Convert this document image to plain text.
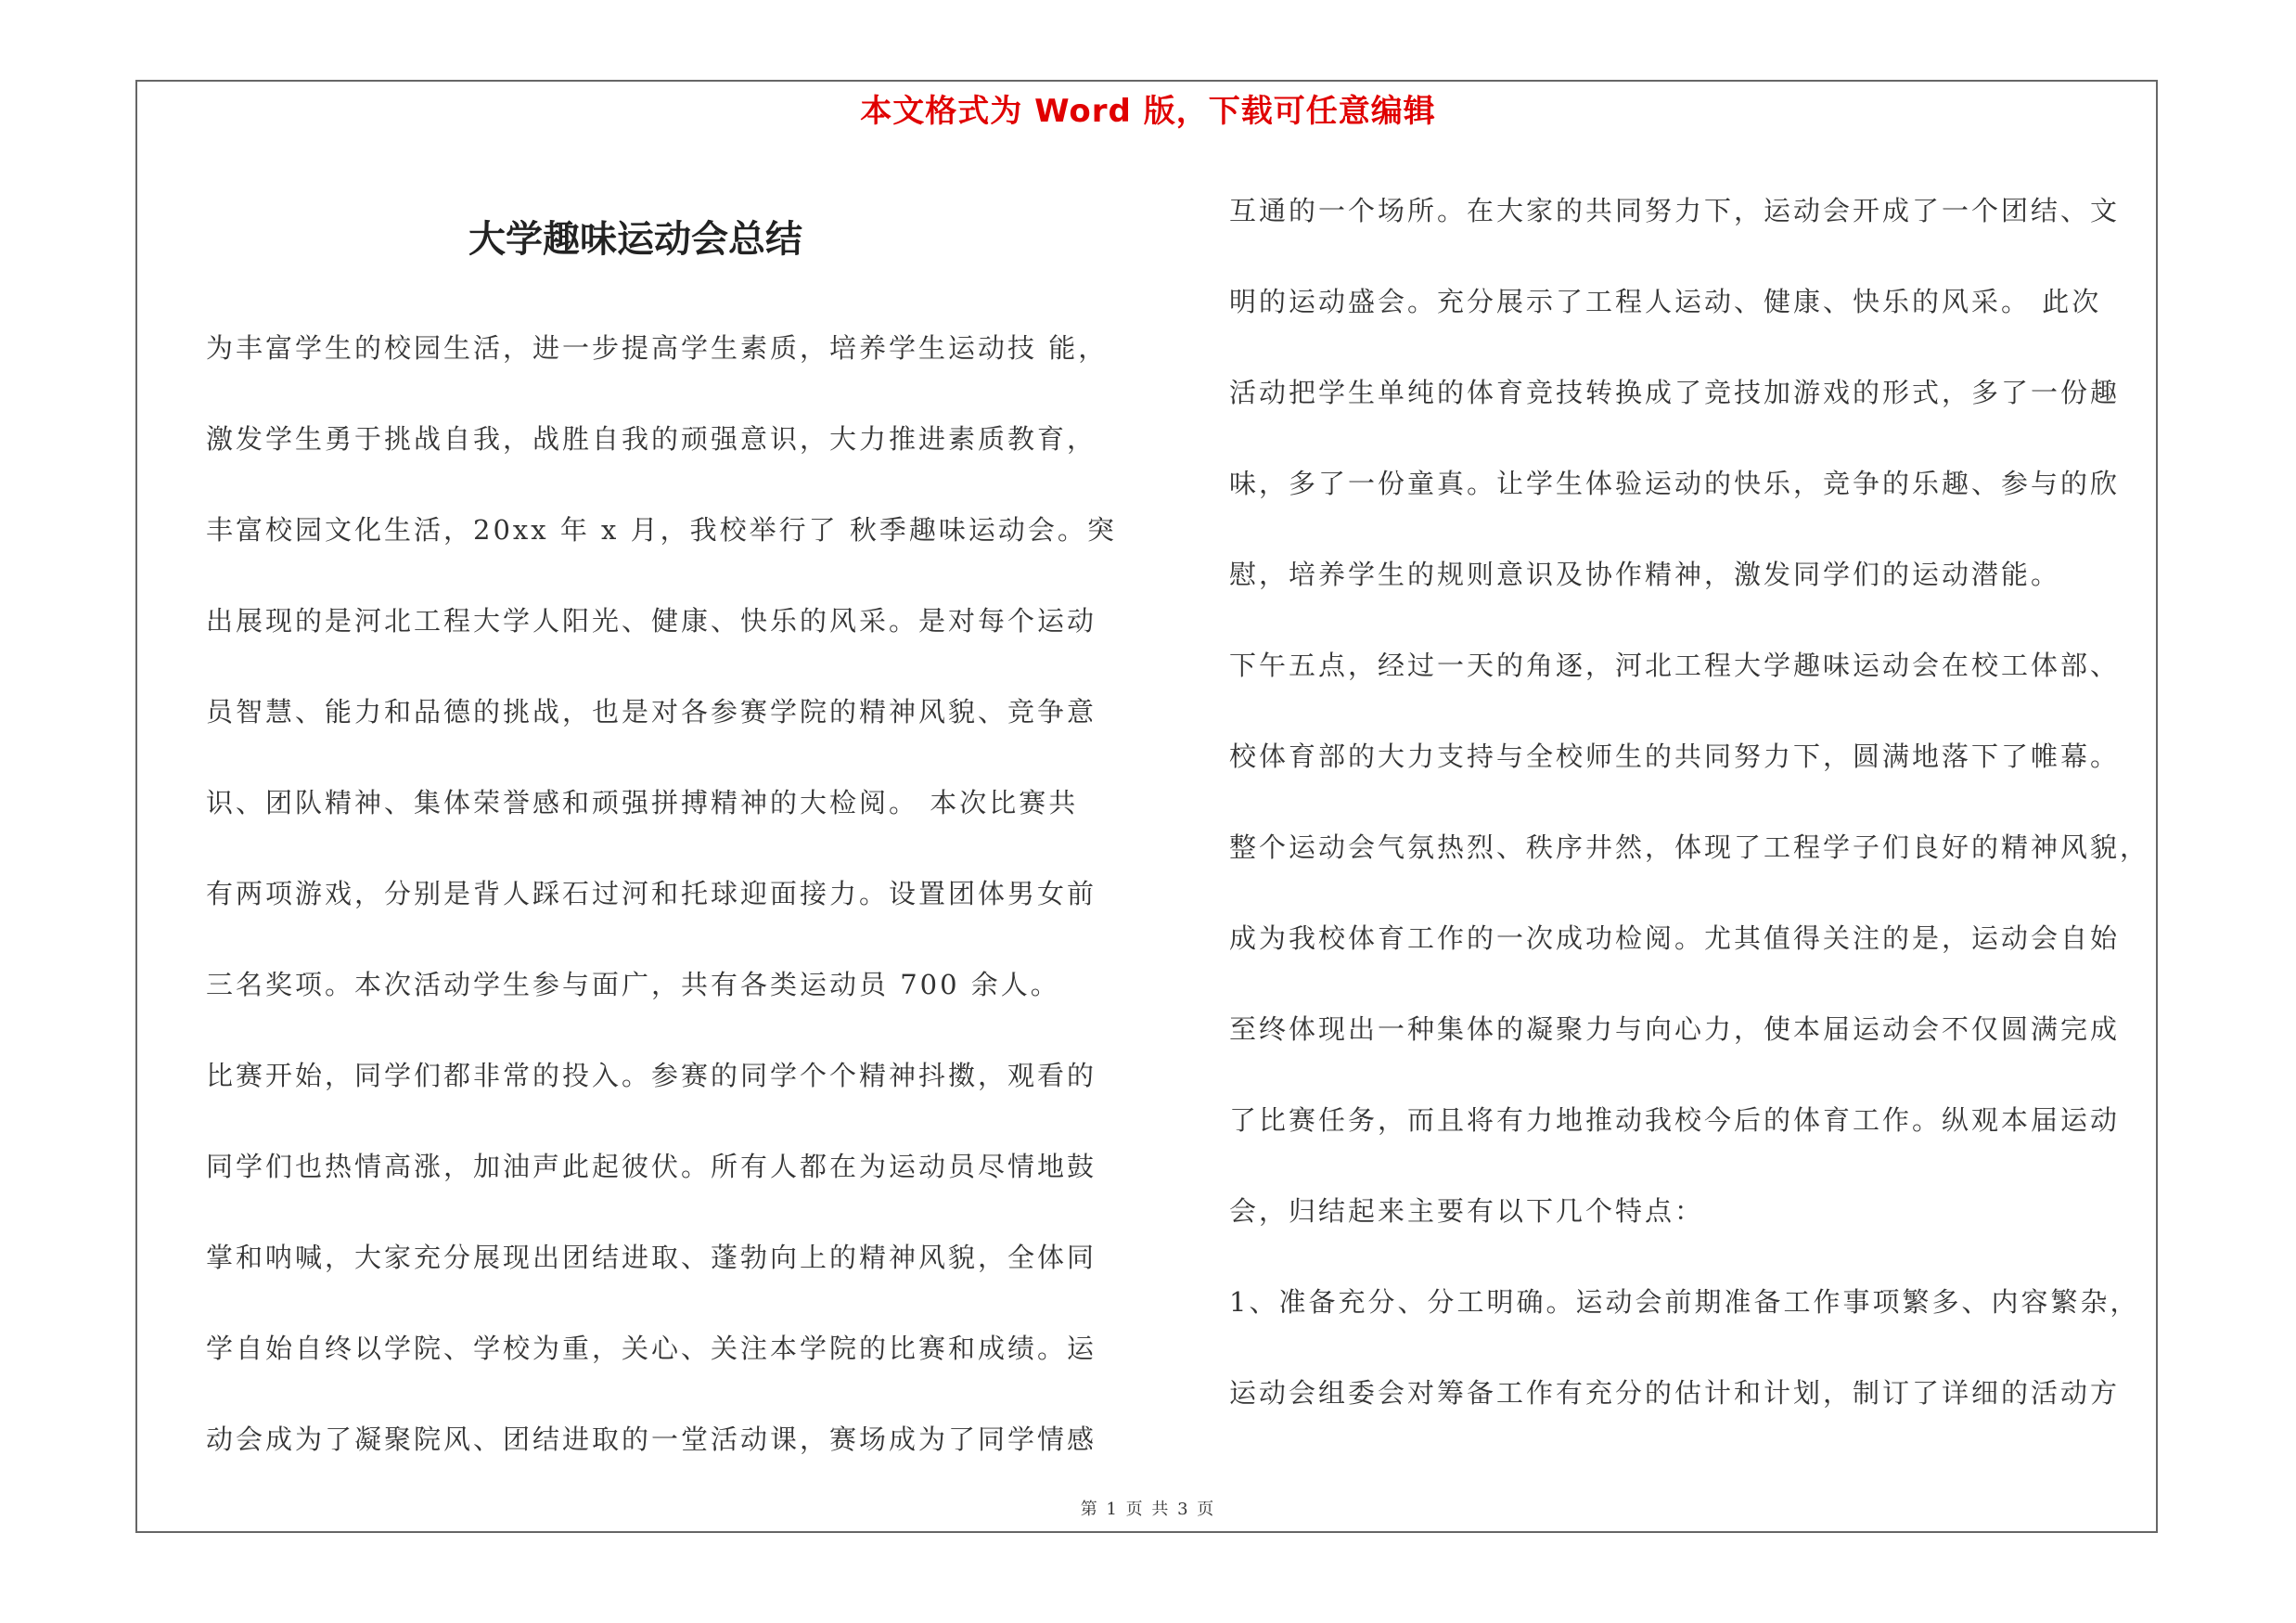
本文格式为 Word 版，下载可任意编辑
大学趣味运动会总结

为丰富学生的校园生活，进一步提高学生素质，培养学生运动技 能，

激发学生勇于挑战自我，战胜自我的顽强意识，大力推进素质教育，

丰富校园文化生活，20xx 年 x 月，我校举行了 秋季趣味运动会。突

出展现的是河北工程大学人阳光、健康、快乐的风采。是对每个运动

员智慧、能力和品德的挑战，也是对各参赛学院的精神风貌、竞争意

识、团队精神、集体荣誉感和顽强拼搏精神的大检阅。 本次比赛共

有两项游戏，分别是背人踩石过河和托球迎面接力。设置团体男女前

三名奖项。本次活动学生参与面广，共有各类运动员 700 余人。

比赛开始，同学们都非常的投入。参赛的同学个个精神抖擞，观看的

同学们也热情高涨，加油声此起彼伏。所有人都在为运动员尽情地鼓

掌和呐喊，大家充分展现出团结进取、蓬勃向上的精神风貌，全体同

学自始自终以学院、学校为重，关心、关注本学院的比赛和成绩。运

动会成为了凝聚院风、团结进取的一堂活动课，赛场成为了同学情感

互通的一个场所。在大家的共同努力下，运动会开成了一个团结、文

明的运动盛会。充分展示了工程人运动、健康、快乐的风采。 此次

活动把学生单纯的体育竞技转换成了竞技加游戏的形式，多了一份趣

味，多了一份童真。让学生体验运动的快乐，竞争的乐趣、参与的欣

慰，培养学生的规则意识及协作精神，激发同学们的运动潜能。

下午五点，经过一天的角逐，河北工程大学趣味运动会在校工体部、

校体育部的大力支持与全校师生的共同努力下，圆满地落下了帷幕。

整个运动会气氛热烈、秩序井然，体现了工程学子们良好的精神风貌，

成为我校体育工作的一次成功检阅。尤其值得关注的是，运动会自始

至终体现出一种集体的凝聚力与向心力，使本届运动会不仅圆满完成

了比赛任务，而且将有力地推动我校今后的体育工作。纵观本届运动

会，归结起来主要有以下几个特点：

1、准备充分、分工明确。运动会前期准备工作事项繁多、内容繁杂，

运动会组委会对筹备工作有充分的估计和计划，制订了详细的活动方

第 1 页 共 3 页
